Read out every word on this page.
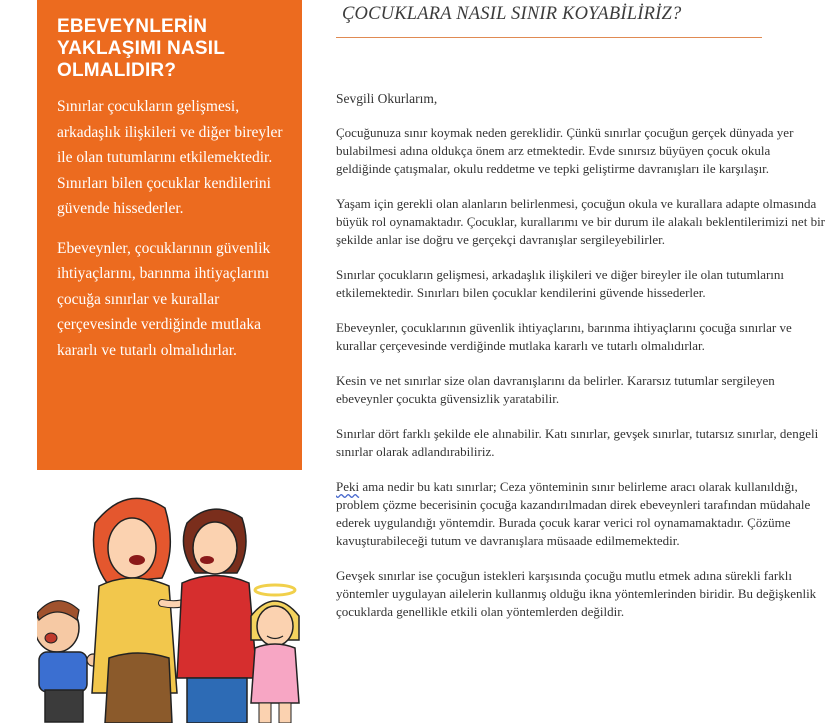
EBEVEYNLERİN
YAKLAŞIMI NASIL
OLMALIDIR?

Sınırlar çocukların gelişmesi, arkadaşlık ilişkileri ve diğer bireyler ile olan tutumlarını etkilemektedir. Sınırları bilen çocuklar kendilerini güvende hissederler.

Ebeveynler, çocuklarının güvenlik ihtiyaçlarını, barınma ihtiyaçlarını çocuğa sınırlar ve kurallar çerçevesinde verdiğinde mutlaka kararlı ve tutarlı olmalıdırlar.

ÇOCUKLARA NASIL SINIR KOYABİLİRİZ?

Sevgili Okurlarım,

Çocuğunuza sınır koymak neden gereklidir. Çünkü sınırlar çocuğun gerçek dünyada yer bulabilmesi adına oldukça önem arz etmektedir. Evde sınırsız büyüyen çocuk okula geldiğinde çatışmalar, okulu reddetme ve tepki geliştirme davranışları ile karşılaşır.

Yaşam için gerekli olan alanların belirlenmesi, çocuğun okula ve kurallara adapte olmasında büyük rol oynamaktadır. Çocuklar, kurallarımı ve bir durum ile alakalı beklentilerimizi net bir şekilde anlar ise doğru ve gerçekçi davranışlar sergileyebilirler.

Sınırlar çocukların gelişmesi, arkadaşlık ilişkileri ve diğer bireyler ile olan tutumlarını etkilemektedir. Sınırları bilen çocuklar kendilerini güvende hissederler.

Ebeveynler, çocuklarının güvenlik ihtiyaçlarını, barınma ihtiyaçlarını çocuğa sınırlar ve kurallar çerçevesinde verdiğinde mutlaka kararlı ve tutarlı olmalıdırlar.

Kesin ve net sınırlar size olan davranışlarını da belirler. Kararsız tutumlar sergileyen ebeveynler çocukta güvensizlik yaratabilir.

Sınırlar dört farklı şekilde ele alınabilir. Katı sınırlar, gevşek sınırlar, tutarsız sınırlar, dengeli sınırlar olarak adlandırabiliriz.

Peki ama nedir bu katı sınırlar; Ceza yönteminin sınır belirleme aracı olarak kullanıldığı, problem çözme becerisinin çocuğa kazandırılmadan direk ebeveynleri tarafından müdahale ederek uygulandığı yöntemdir. Burada çocuk karar verici rol oynamamaktadır. Çözüme kavuşturabileceği tutum ve davranışlara müsaade edilmemektedir.

Gevşek sınırlar ise çocuğun istekleri karşısında çocuğu mutlu etmek adına sürekli farklı yöntemler uygulayan ailelerin kullanmış olduğu ikna yöntemlerinden biridir. Bu değişkenlik çocuklarda genellikle etkili olan yöntemlerden değildir.
